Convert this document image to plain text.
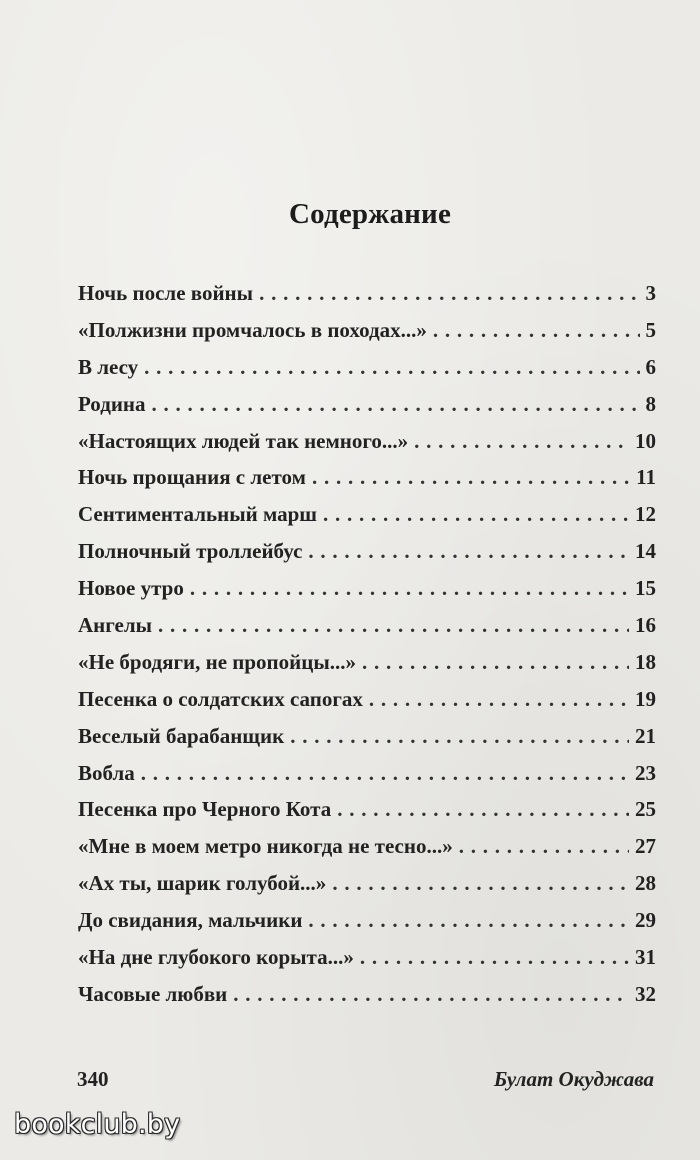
Содержание
Ночь после войны . . .	3
«Полжизни промчалось в походах...» . . .	5
В лесу . . .	6
Родина . . .	8
«Настоящих людей так немного...» . . .	10
Ночь прощания с летом . . .	11
Сентиментальный марш . . .	12
Полночный троллейбус . . .	14
Новое утро . . .	15
Ангелы . . .	16
«Не бродяги, не пропойцы...» . . .	18
Песенка о солдатских сапогах . . .	19
Веселый барабанщик . . .	21
Вобла . . .	23
Песенка про Черного Кота . . .	25
«Мне в моем метро никогда не тесно...» . . .	27
«Ах ты, шарик голубой...» . . .	28
До свидания, мальчики . . .	29
«На дне глубокого корыта...» . . .	31
Часовые любви . . .	32
340	Булат Окуджава
bookclub.by
